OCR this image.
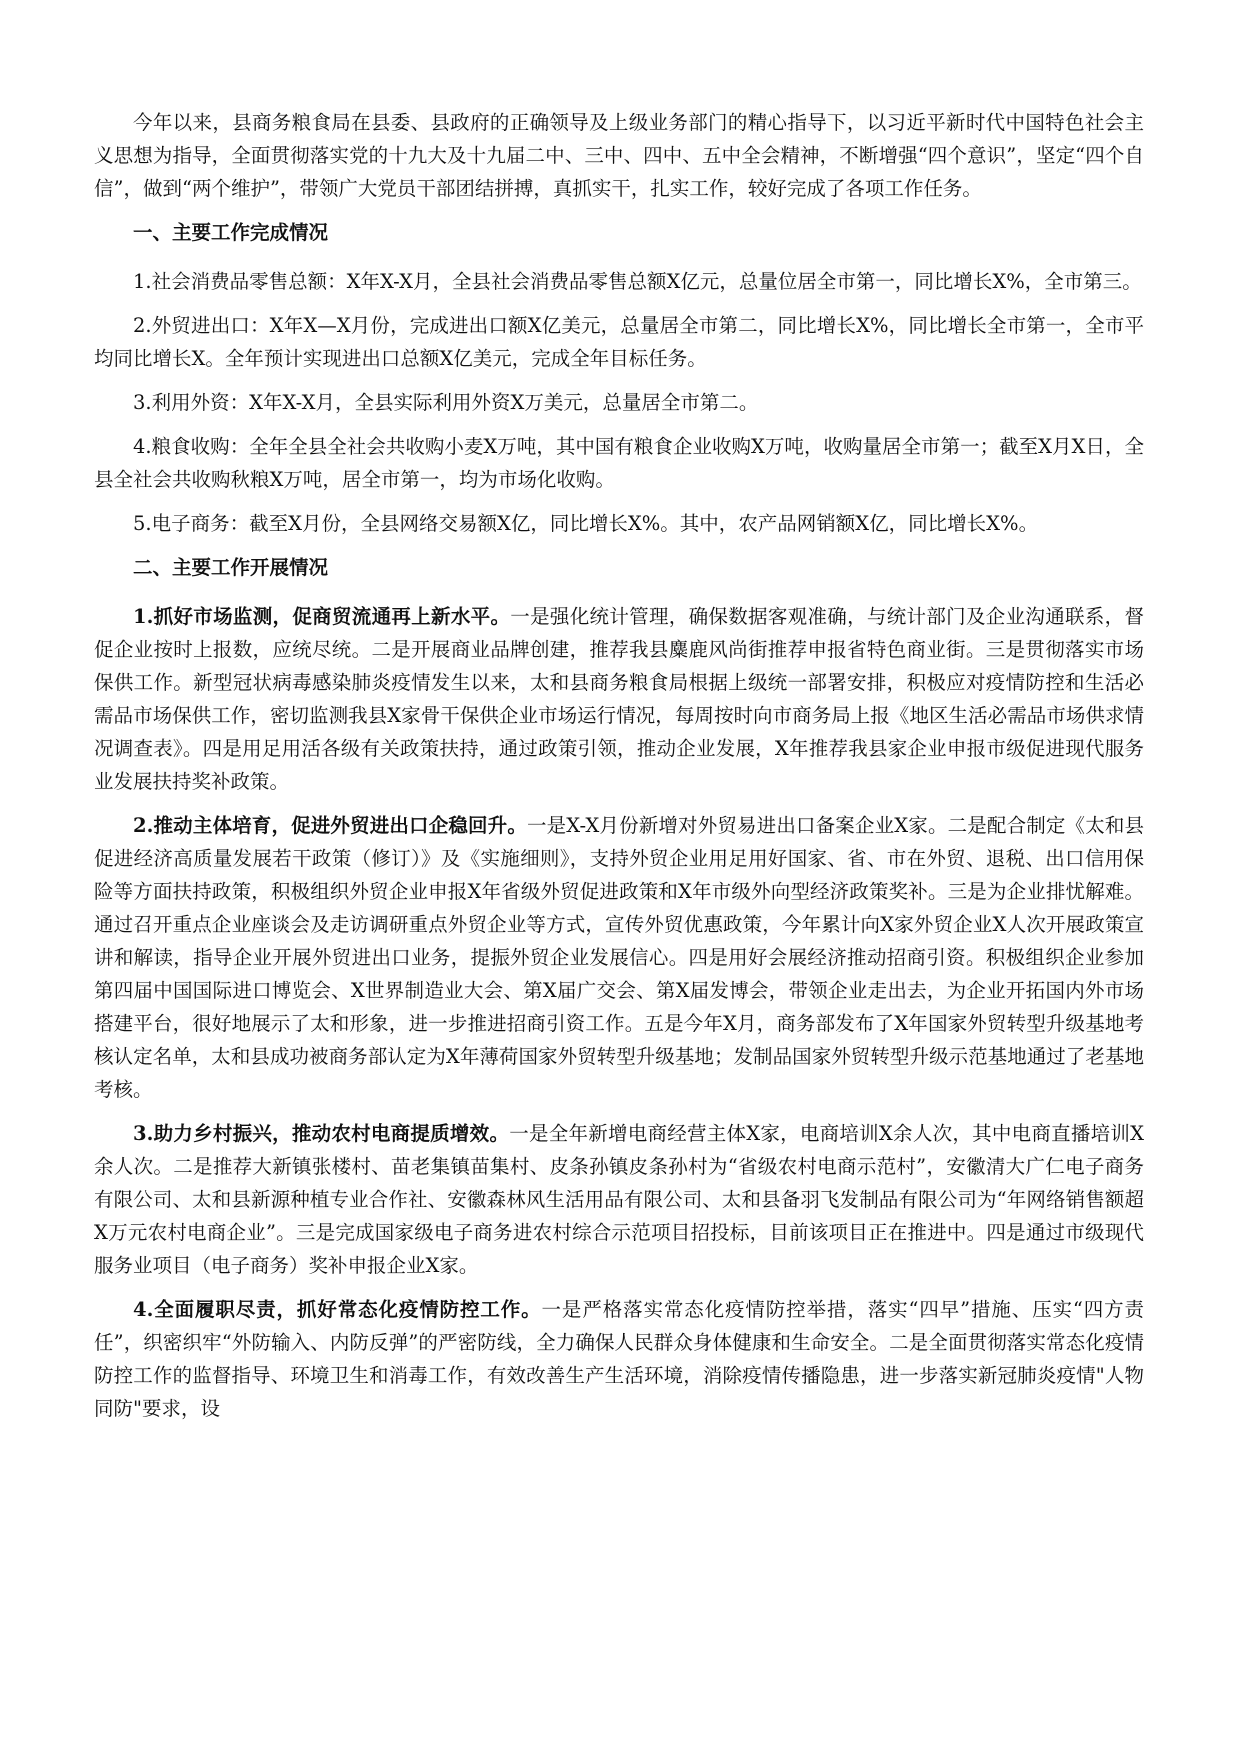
今年以来，县商务粮食局在县委、县政府的正确领导及上级业务部门的精心指导下，以习近平新时代中国特色社会主义思想为指导，全面贯彻落实党的十九大及十九届二中、三中、四中、五中全会精神，不断增强“四个意识”，坚定“四个自信”，做到“两个维护”，带领广大党员干部团结拼搏，真抓实干，扎实工作，较好完成了各项工作任务。

一、主要工作完成情况

1.社会消费品零售总额：X年X-X月，全县社会消费品零售总额X亿元，总量位居全市第一，同比增长X%，全市第三。

2.外贸进出口：X年X—X月份，完成进出口额X亿美元，总量居全市第二，同比增长X%，同比增长全市第一，全市平均同比增长X。全年预计实现进出口总额X亿美元，完成全年目标任务。

3.利用外资：X年X-X月，全县实际利用外资X万美元，总量居全市第二。

4.粮食收购：全年全县全社会共收购小麦X万吨，其中国有粮食企业收购X万吨，收购量居全市第一；截至X月X日，全县全社会共收购秋粮X万吨，居全市第一，均为市场化收购。

5.电子商务：截至X月份，全县网络交易额X亿，同比增长X%。其中，农产品网销额X亿，同比增长X%。

二、主要工作开展情况

1.抓好市场监测，促商贸流通再上新水平。一是强化统计管理，确保数据客观准确，与统计部门及企业沟通联系，督促企业按时上报数，应统尽统。二是开展商业品牌创建，推荐我县麋鹿风尚街推荐申报省特色商业街。三是贯彻落实市场保供工作。新型冠状病毒感染肺炎疫情发生以来，太和县商务粮食局根据上级统一部署安排，积极应对疫情防控和生活必需品市场保供工作，密切监测我县X家骨干保供企业市场运行情况，每周按时向市商务局上报《地区生活必需品市场供求情况调查表》。四是用足用活各级有关政策扶持，通过政策引领，推动企业发展，X年推荐我县家企业申报市级促进现代服务业发展扶持奖补政策。

2.推动主体培育，促进外贸进出口企稳回升。一是X-X月份新增对外贸易进出口备案企业X家。二是配合制定《太和县促进经济高质量发展若干政策（修订）》及《实施细则》，支持外贸企业用足用好国家、省、市在外贸、退税、出口信用保险等方面扶持政策，积极组织外贸企业申报X年省级外贸促进政策和X年市级外向型经济政策奖补。三是为企业排忧解难。通过召开重点企业座谈会及走访调研重点外贸企业等方式，宣传外贸优惠政策，今年累计向X家外贸企业X人次开展政策宣讲和解读，指导企业开展外贸进出口业务，提振外贸企业发展信心。四是用好会展经济推动招商引资。积极组织企业参加第四届中国国际进口博览会、X世界制造业大会、第X届广交会、第X届发博会，带领企业走出去，为企业开拓国内外市场搭建平台，很好地展示了太和形象，进一步推进招商引资工作。五是今年X月，商务部发布了X年国家外贸转型升级基地考核认定名单，太和县成功被商务部认定为X年薄荷国家外贸转型升级基地；发制品国家外贸转型升级示范基地通过了老基地考核。

3.助力乡村振兴，推动农村电商提质增效。一是全年新增电商经营主体X家，电商培训X余人次，其中电商直播培训X余人次。二是推荐大新镇张楼村、苗老集镇苗集村、皮条孙镇皮条孙村为“省级农村电商示范村”，安徽清大广仁电子商务有限公司、太和县新源种植专业合作社、安徽森林风生活用品有限公司、太和县备羽飞发制品有限公司为“年网络销售额超X万元农村电商企业”。三是完成国家级电子商务进农村综合示范项目招投标，目前该项目正在推进中。四是通过市级现代服务业项目（电子商务）奖补申报企业X家。

4.全面履职尽责，抓好常态化疫情防控工作。一是严格落实常态化疫情防控举措，落实“四早”措施、压实“四方责任”，织密织牢“外防输入、内防反弹”的严密防线，全力确保人民群众身体健康和生命安全。二是全面贯彻落实常态化疫情防控工作的监督指导、环境卫生和消毒工作，有效改善生产生活环境，消除疫情传播隐患，进一步落实新冠肺炎疫情"人物同防"要求，设
